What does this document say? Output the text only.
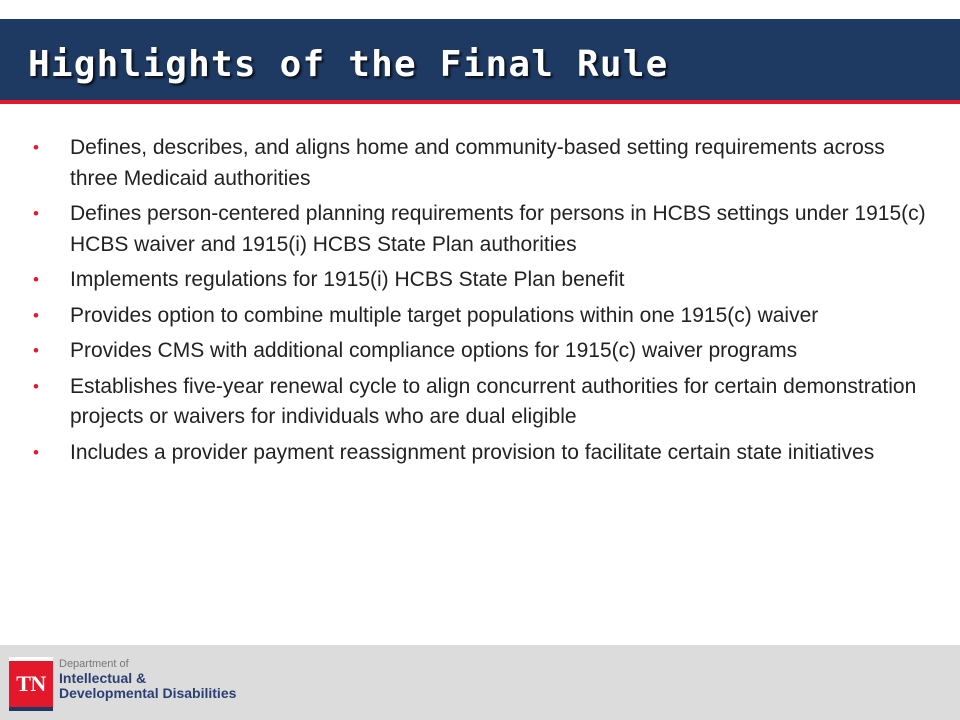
Highlights of the Final Rule
• Defines, describes, and aligns home and community-based setting requirements across three Medicaid authorities
• Defines person-centered planning requirements for persons in HCBS settings under 1915(c) HCBS waiver and 1915(i) HCBS State Plan authorities
• Implements regulations for 1915(i) HCBS State Plan benefit
• Provides option to combine multiple target populations within one 1915(c) waiver
• Provides CMS with additional compliance options for 1915(c) waiver programs
• Establishes five-year renewal cycle to align concurrent authorities for certain demonstration projects or waivers for individuals who are dual eligible
• Includes a provider payment reassignment provision to facilitate certain state initiatives
TN
Department of
Intellectual &
Developmental Disabilities
